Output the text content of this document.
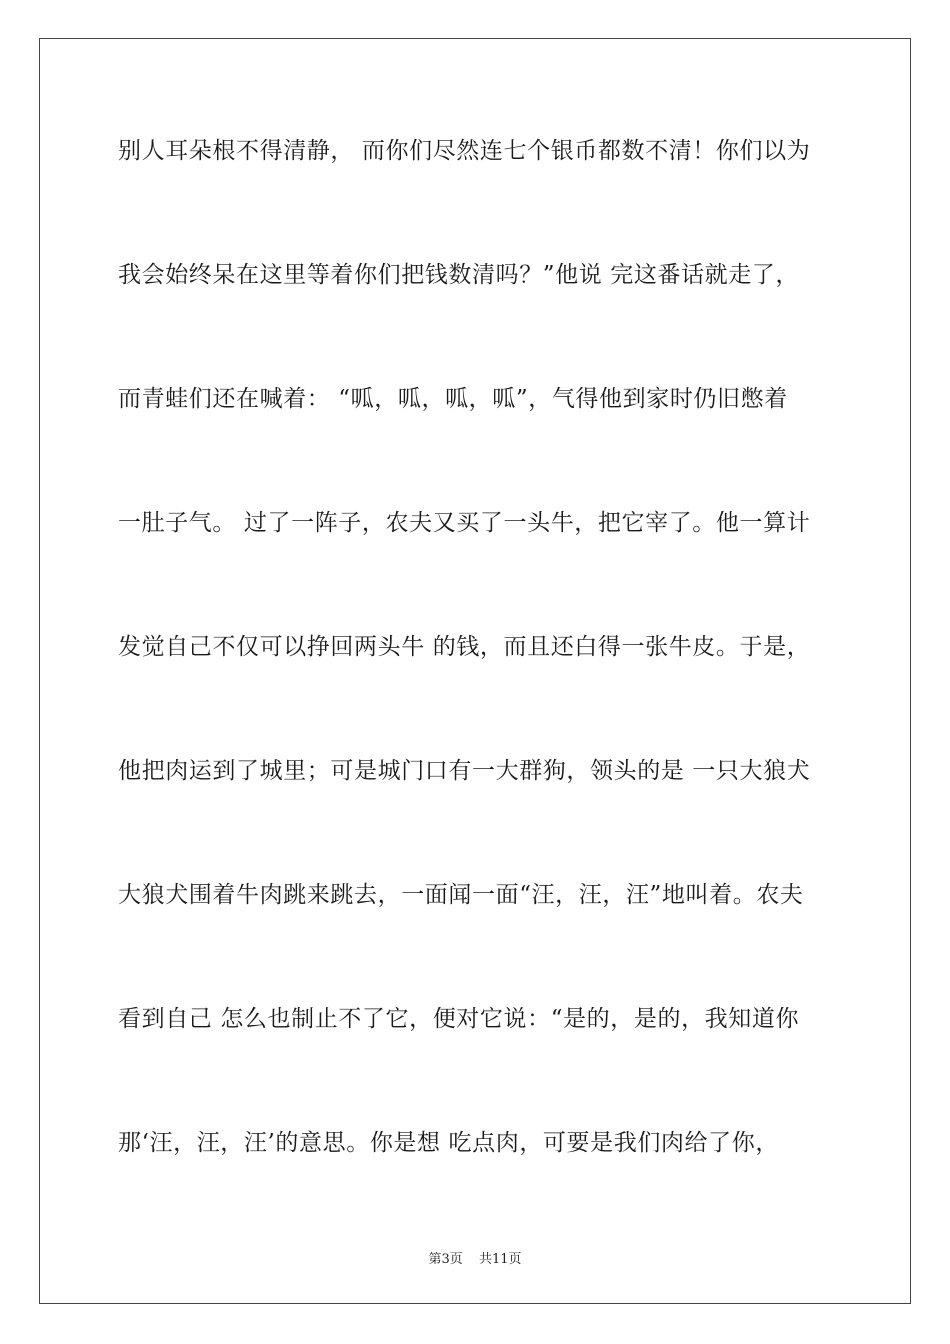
别人耳朵根不得清静， 而你们尽然连七个银币都数不清！你们以为

我会始终呆在这里等着你们把钱数清吗？”他说 完这番话就走了，

而青蛙们还在喊着： “呱，呱，呱，呱”，气得他到家时仍旧憋着

一肚子气。 过了一阵子，农夫又买了一头牛，把它宰了。他一算计

发觉自己不仅可以挣回两头牛 的钱，而且还白得一张牛皮。于是，

他把肉运到了城里；可是城门口有一大群狗，领头的是 一只大狼犬

大狼犬围着牛肉跳来跳去，一面闻一面“汪，汪，汪”地叫着。农夫

看到自己 怎么也制止不了它，便对它说：“是的，是的，我知道你

那‘汪，汪，汪’的意思。你是想 吃点肉，可要是我们肉给了你，

第3页 共11页
